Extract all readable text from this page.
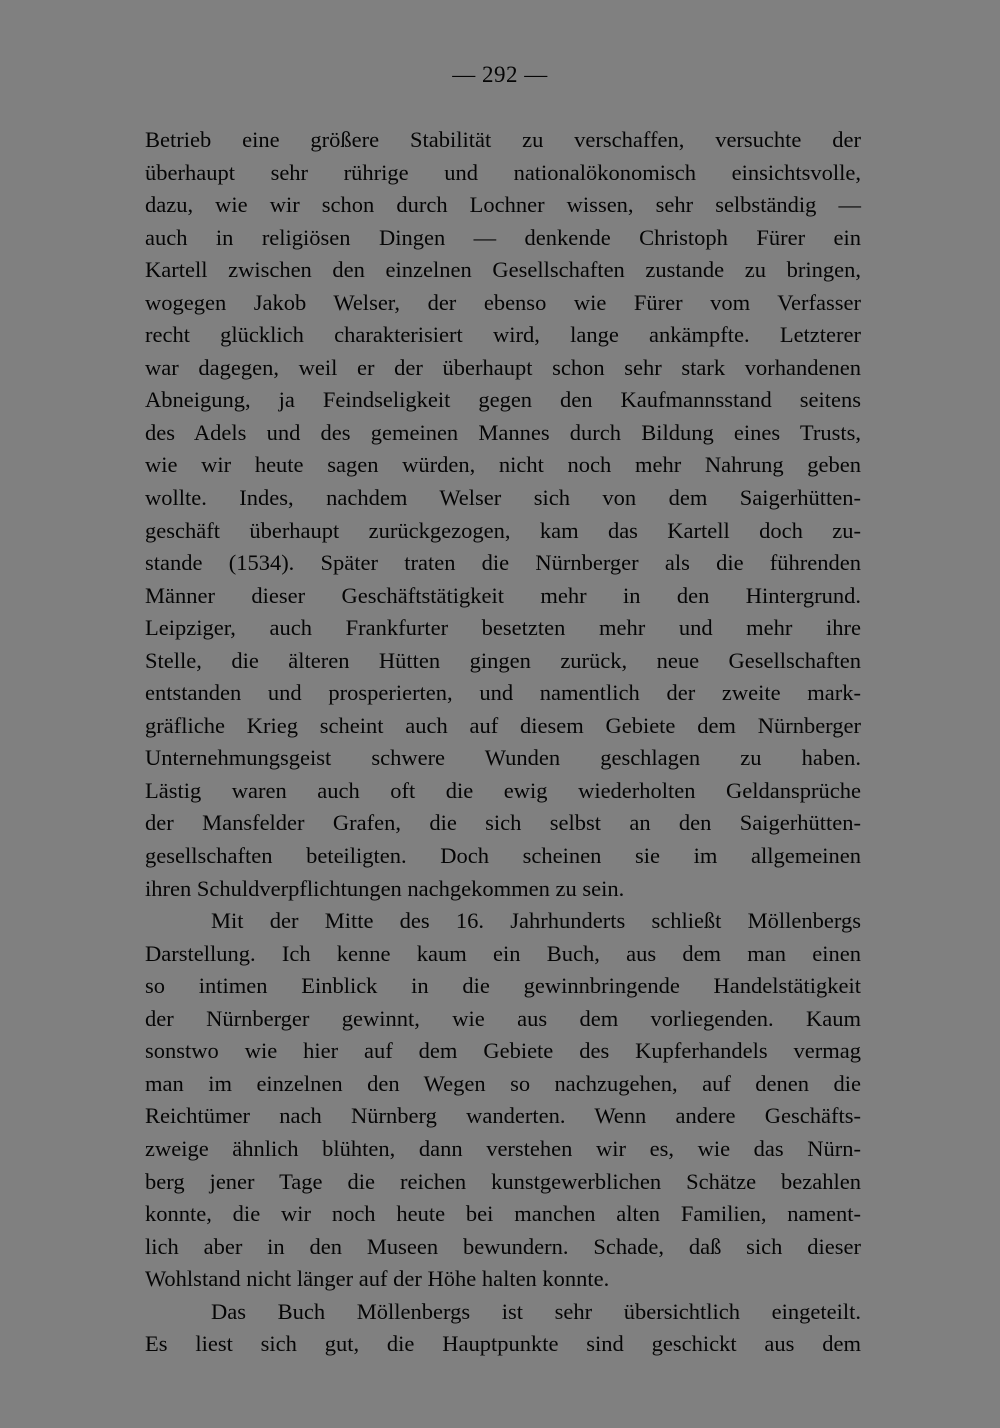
— 292 —
Betrieb eine größere Stabilität zu verschaffen, versuchte der
überhaupt sehr rührige und nationalökonomisch einsichtsvolle,
dazu, wie wir schon durch Lochner wissen, sehr selbständig —
auch in religiösen Dingen — denkende Christoph Fürer ein
Kartell zwischen den einzelnen Gesellschaften zustande zu bringen,
wogegen Jakob Welser, der ebenso wie Fürer vom Verfasser
recht glücklich charakterisiert wird, lange ankämpfte. Letzterer
war dagegen, weil er der überhaupt schon sehr stark vorhandenen
Abneigung, ja Feindseligkeit gegen den Kaufmannsstand seitens
des Adels und des gemeinen Mannes durch Bildung eines Trusts,
wie wir heute sagen würden, nicht noch mehr Nahrung geben
wollte. Indes, nachdem Welser sich von dem Saigerhütten-
geschäft überhaupt zurückgezogen, kam das Kartell doch zu-
stande (1534). Später traten die Nürnberger als die führenden
Männer dieser Geschäftstätigkeit mehr in den Hintergrund.
Leipziger, auch Frankfurter besetzten mehr und mehr ihre
Stelle, die älteren Hütten gingen zurück, neue Gesellschaften
entstanden und prosperierten, und namentlich der zweite mark-
gräfliche Krieg scheint auch auf diesem Gebiete dem Nürnberger
Unternehmungsgeist schwere Wunden geschlagen zu haben.
Lästig waren auch oft die ewig wiederholten Geldansprüche
der Mansfelder Grafen, die sich selbst an den Saigerhütten-
gesellschaften beteiligten. Doch scheinen sie im allgemeinen
ihren Schuldverpflichtungen nachgekommen zu sein.
Mit der Mitte des 16. Jahrhunderts schließt Möllenbergs
Darstellung. Ich kenne kaum ein Buch, aus dem man einen
so intimen Einblick in die gewinnbringende Handelstätigkeit
der Nürnberger gewinnt, wie aus dem vorliegenden. Kaum
sonstwo wie hier auf dem Gebiete des Kupferhandels vermag
man im einzelnen den Wegen so nachzugehen, auf denen die
Reichtümer nach Nürnberg wanderten. Wenn andere Geschäfts-
zweige ähnlich blühten, dann verstehen wir es, wie das Nürn-
berg jener Tage die reichen kunstgewerblichen Schätze bezahlen
konnte, die wir noch heute bei manchen alten Familien, nament-
lich aber in den Museen bewundern. Schade, daß sich dieser
Wohlstand nicht länger auf der Höhe halten konnte.
Das Buch Möllenbergs ist sehr übersichtlich eingeteilt.
Es liest sich gut, die Hauptpunkte sind geschickt aus dem
